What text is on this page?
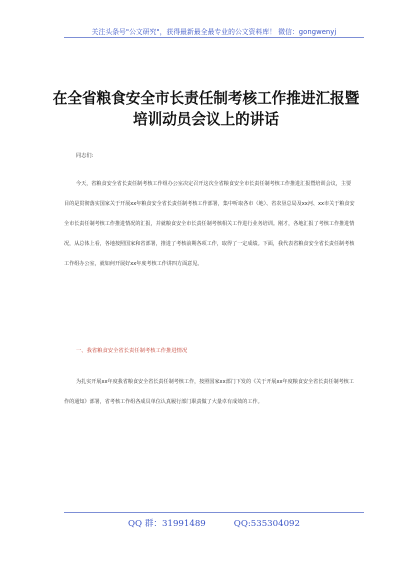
关注头条号"公文研究"，获得最新最全最专业的公文资料库！ 微信：gongwenyj
在全省粮食安全市长责任制考核工作推进汇报暨培训动员会议上的讲话
同志们:
今天，省粮食安全省长责任制考核工作组办公室决定召开这次全省粮食安全市长责任制考核工作推进汇报暨培训会议，主要目的是贯彻落实国家关于开展xx年粮食安全省长责任制考核工作部署，集中听取各市（地）、省农垦总局及xx河、xx市关于粮食安全市长责任制考核工作推进情况的汇报，并就粮食安全市长责任制考核相关工作进行业务培训。刚才，各地汇报了考核工作推进情况，从总体上看，各地按照国家和省部署，推进了考核前期各项工作，取得了一定成绩。下面，我代表省粮食安全省长责任制考核工作组办公室，就如何开展好xx年度考核工作讲四方面意见。
一、我省粮食安全省长责任制考核工作推进情况
为扎实开展xx年度我省粮食安全省长责任制考核工作，按照国家xx部门下发的《关于开展xx年度粮食安全省长责任制考核工作的通知》部署，省考核工作组各成员单位认真履行部门职责做了大量卓有成效的工作。
QQ 群：31991489	QQ:535304092
